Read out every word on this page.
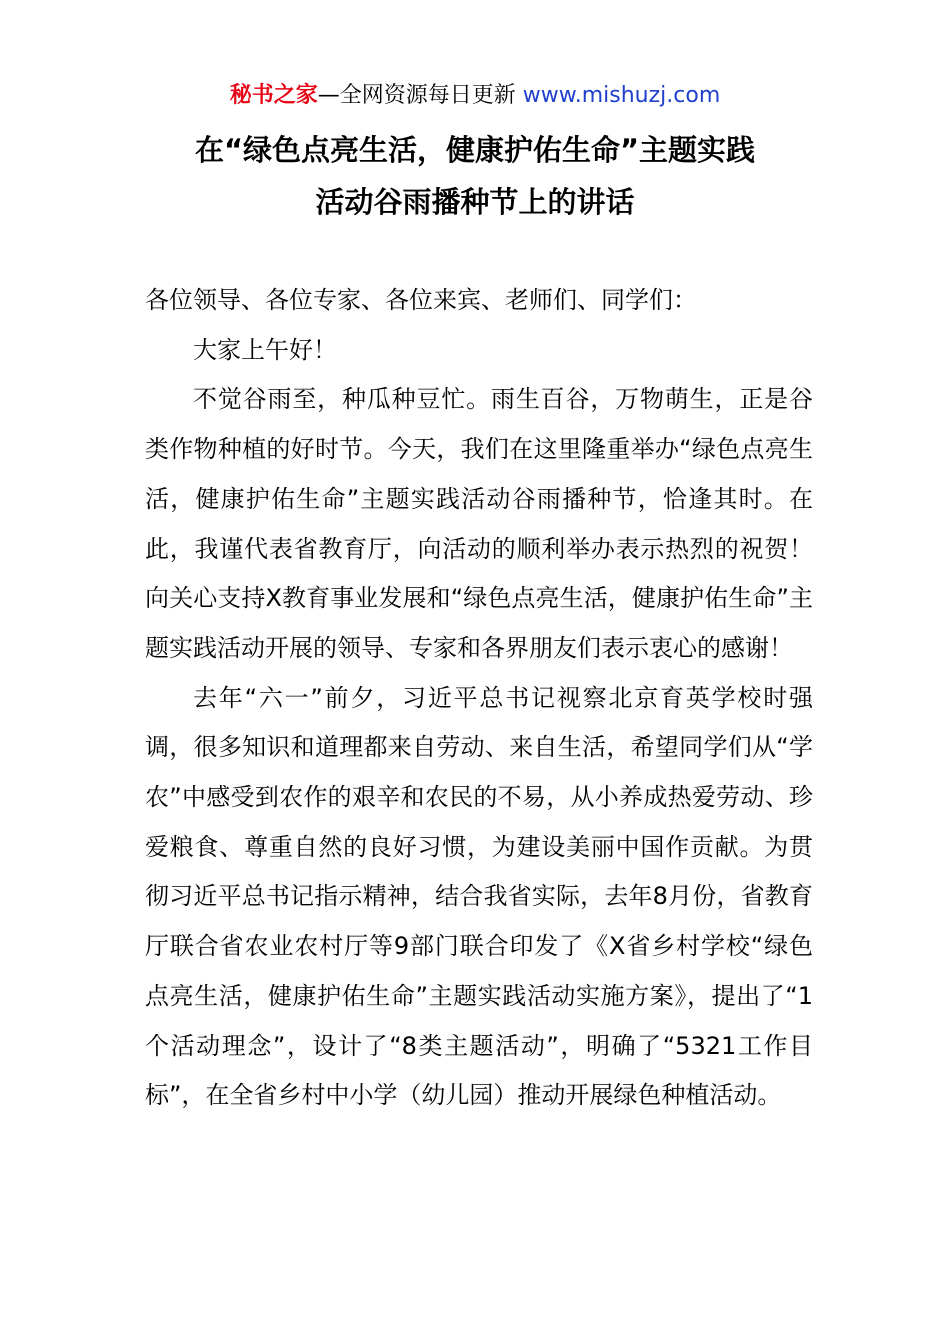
秘书之家—全网资源每日更新 www.mishuzj.com
在“绿色点亮生活，健康护佑生命”主题实践
活动谷雨播种节上的讲话

各位领导、各位专家、各位来宾、老师们、同学们：

大家上午好！

不觉谷雨至，种瓜种豆忙。雨生百谷，万物萌生，正是谷类作物种植的好时节。今天，我们在这里隆重举办“绿色点亮生活，健康护佑生命”主题实践活动谷雨播种节，恰逢其时。在此，我谨代表省教育厅，向活动的顺利举办表示热烈的祝贺！向关心支持X教育事业发展和“绿色点亮生活，健康护佑生命”主题实践活动开展的领导、专家和各界朋友们表示衷心的感谢！

去年“六一”前夕，习近平总书记视察北京育英学校时强调，很多知识和道理都来自劳动、来自生活，希望同学们从“学农”中感受到农作的艰辛和农民的不易，从小养成热爱劳动、珍爱粮食、尊重自然的良好习惯，为建设美丽中国作贡献。为贯彻习近平总书记指示精神，结合我省实际，去年8月份，省教育厅联合省农业农村厅等9部门联合印发了《X省乡村学校“绿色点亮生活，健康护佑生命”主题实践活动实施方案》，提出了“1个活动理念”，设计了“8类主题活动”，明确了“5321工作目标”，在全省乡村中小学（幼儿园）推动开展绿色种植活动。
